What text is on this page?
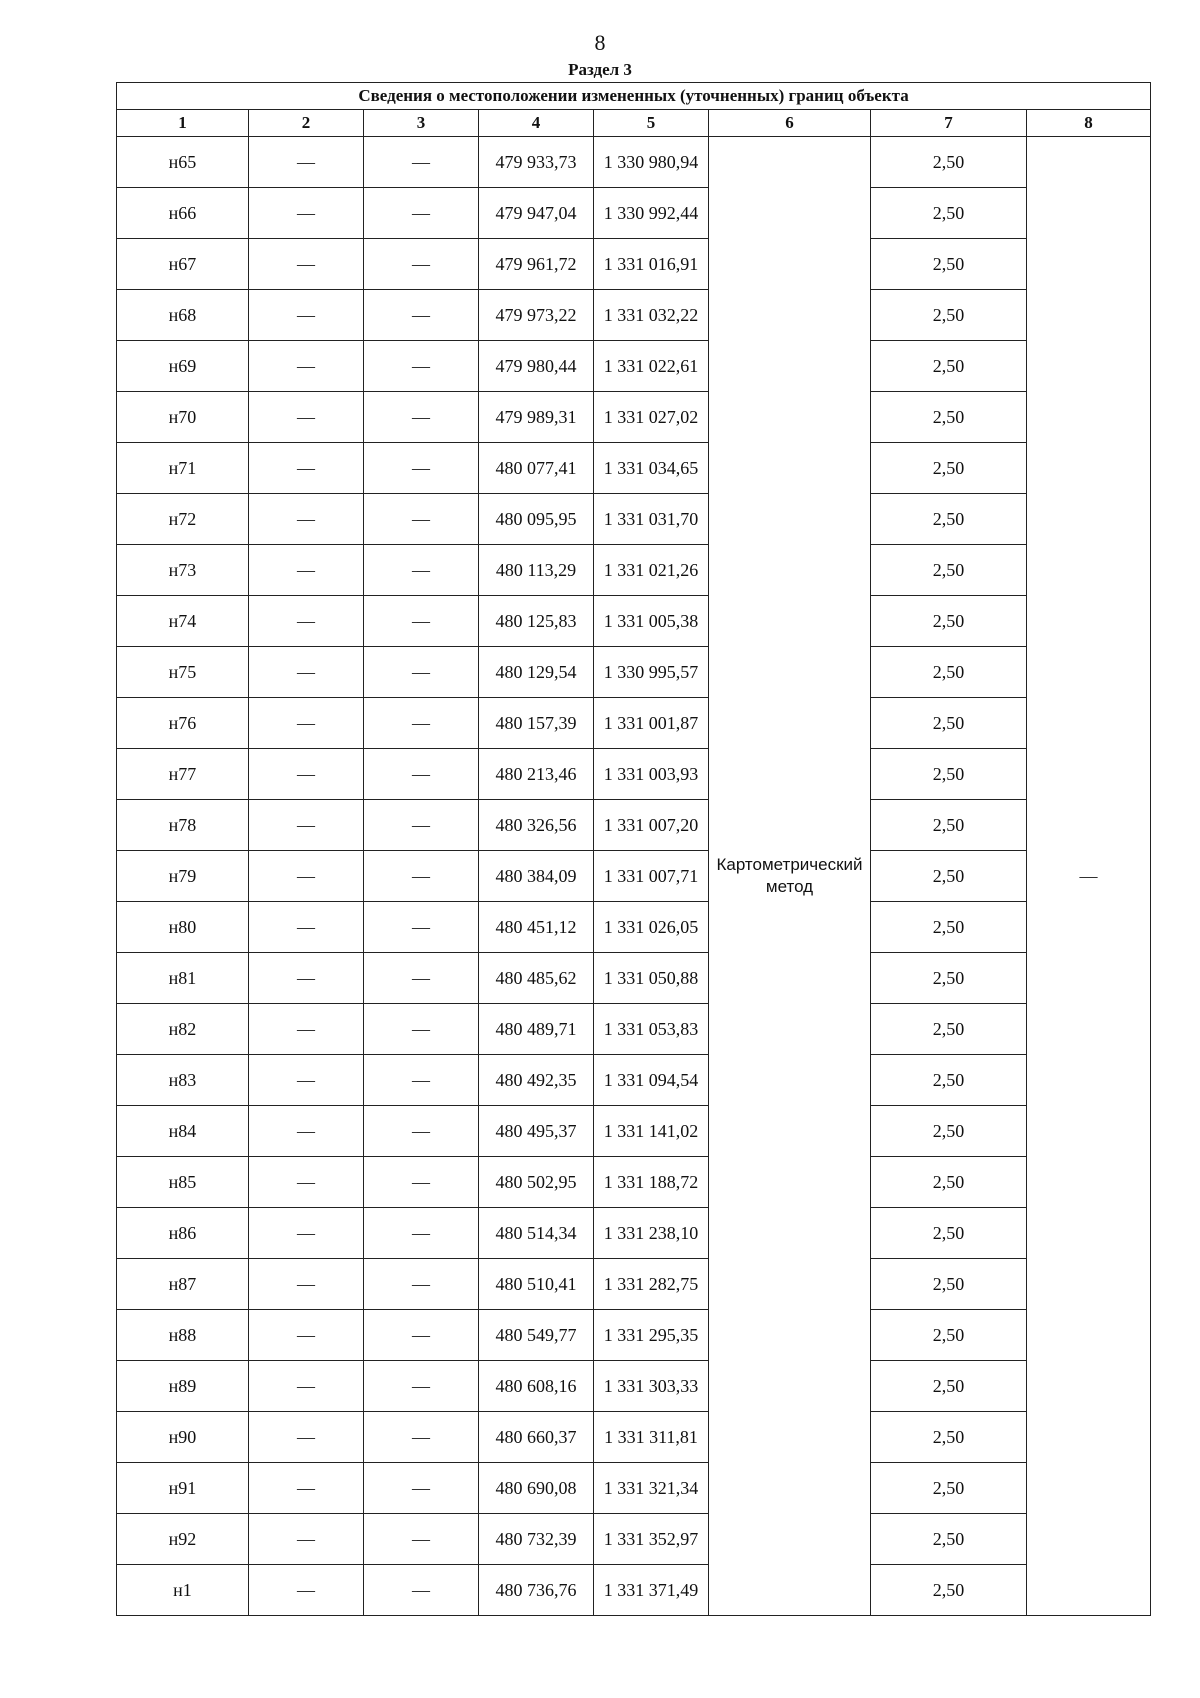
8
Раздел 3
Сведения о местоположении измененных (уточненных) границ объекта							
1	2	3	4	5	6	7	8
н65	—	—	479 933,73	1 330 980,94	Картометрический метод	2,50	—
н66	—	—	479 947,04	1 330 992,44		2,50	
н67	—	—	479 961,72	1 331 016,91		2,50	
н68	—	—	479 973,22	1 331 032,22		2,50	
н69	—	—	479 980,44	1 331 022,61		2,50	
н70	—	—	479 989,31	1 331 027,02		2,50	
н71	—	—	480 077,41	1 331 034,65		2,50	
н72	—	—	480 095,95	1 331 031,70		2,50	
н73	—	—	480 113,29	1 331 021,26		2,50	
н74	—	—	480 125,83	1 331 005,38		2,50	
н75	—	—	480 129,54	1 330 995,57		2,50	
н76	—	—	480 157,39	1 331 001,87		2,50	
н77	—	—	480 213,46	1 331 003,93		2,50	
н78	—	—	480 326,56	1 331 007,20		2,50	
н79	—	—	480 384,09	1 331 007,71		2,50	
н80	—	—	480 451,12	1 331 026,05		2,50	
н81	—	—	480 485,62	1 331 050,88		2,50	
н82	—	—	480 489,71	1 331 053,83		2,50	
н83	—	—	480 492,35	1 331 094,54		2,50	
н84	—	—	480 495,37	1 331 141,02		2,50	
н85	—	—	480 502,95	1 331 188,72		2,50	
н86	—	—	480 514,34	1 331 238,10		2,50	
н87	—	—	480 510,41	1 331 282,75		2,50	
н88	—	—	480 549,77	1 331 295,35		2,50	
н89	—	—	480 608,16	1 331 303,33		2,50	
н90	—	—	480 660,37	1 331 311,81		2,50	
н91	—	—	480 690,08	1 331 321,34		2,50	
н92	—	—	480 732,39	1 331 352,97		2,50	
н1	—	—	480 736,76	1 331 371,49		2,50	
